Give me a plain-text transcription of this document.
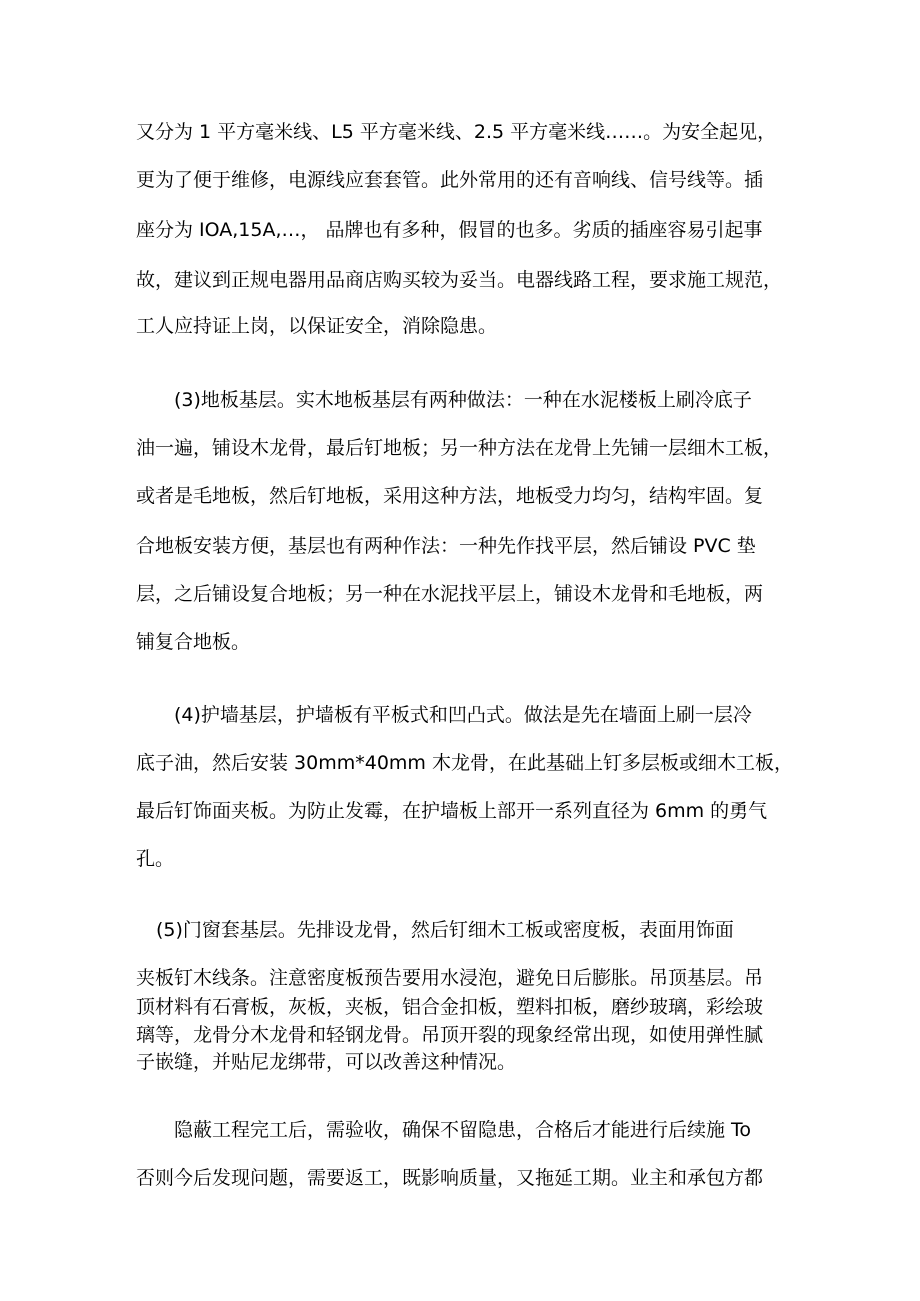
又分为 1 平方毫米线、L5 平方毫米线、2.5 平方毫米线……。为安全起见，
更为了便于维修，电源线应套套管。此外常用的还有音响线、信号线等。插
座分为 IOA,15A,…， 品牌也有多种，假冒的也多。劣质的插座容易引起事
故，建议到正规电器用品商店购买较为妥当。电器线路工程，要求施工规范，
工人应持证上岗，以保证安全，消除隐患。
(3)地板基层。实木地板基层有两种做法：一种在水泥楼板上刷冷底子
油一遍，铺设木龙骨，最后钉地板；另一种方法在龙骨上先铺一层细木工板，
或者是毛地板，然后钉地板，采用这种方法，地板受力均匀，结构牢固。复
合地板安装方便，基层也有两种作法：一种先作找平层，然后铺设 PVC 垫
层，之后铺设复合地板；另一种在水泥找平层上，铺设木龙骨和毛地板，两
铺复合地板。
(4)护墙基层，护墙板有平板式和凹凸式。做法是先在墙面上刷一层冷
底子油，然后安装 30mm*40mm 木龙骨，在此基础上钉多层板或细木工板，
最后钉饰面夹板。为防止发霉，在护墙板上部开一系列直径为 6mm 的勇气
孔。
(5)门窗套基层。先排设龙骨，然后钉细木工板或密度板，表面用饰面
夹板钉木线条。注意密度板预告要用水浸泡，避免日后膨胀。吊顶基层。吊
顶材料有石膏板，灰板，夹板，铝合金扣板，塑料扣板，磨纱玻璃，彩绘玻
璃等，龙骨分木龙骨和轻钢龙骨。吊顶开裂的现象经常出现，如使用弹性腻
子嵌缝，并贴尼龙绑带，可以改善这种情况。
隐蔽工程完工后，需验收，确保不留隐患，合格后才能进行后续施 To
否则今后发现问题，需要返工，既影响质量，又拖延工期。业主和承包方都
